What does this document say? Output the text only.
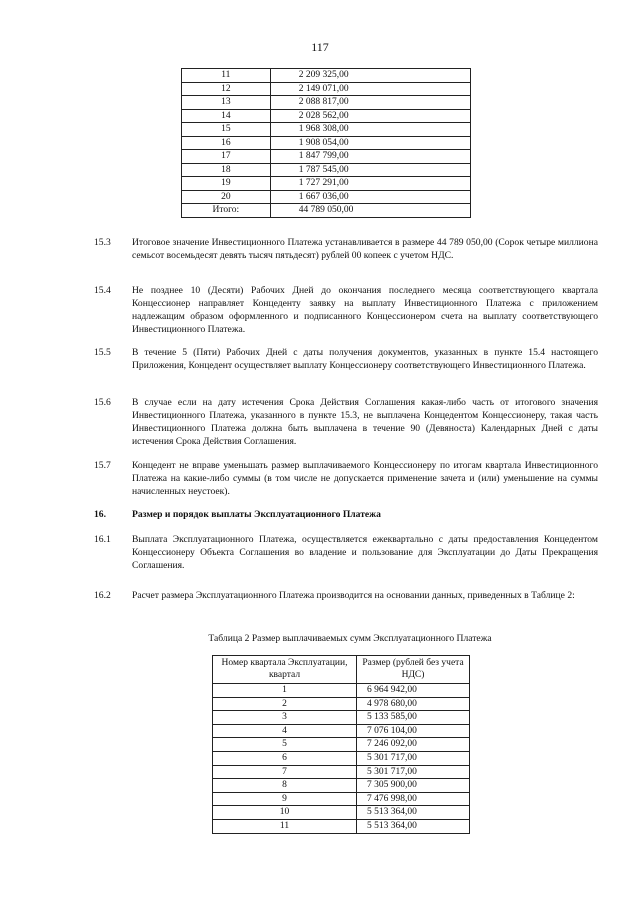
117
11	2 209 325,00
12	2 149 071,00
13	2 088 817,00
14	2 028 562,00
15	1 968 308,00
16	1 908 054,00
17	1 847 799,00
18	1 787 545,00
19	1 727 291,00
20	1 667 036,00
Итого:	44 789 050,00
15.3 Итоговое значение Инвестиционного Платежа устанавливается в размере 44 789 050,00 (Сорок четыре миллиона семьсот восемьдесят девять тысяч пятьдесят) рублей 00 копеек с учетом НДС.
15.4 Не позднее 10 (Десяти) Рабочих Дней до окончания последнего месяца соответствующего квартала Концессионер направляет Концеденту заявку на выплату Инвестиционного Платежа с приложением надлежащим образом оформленного и подписанного Концессионером счета на выплату соответствующего Инвестиционного Платежа.
15.5 В течение 5 (Пяти) Рабочих Дней с даты получения документов, указанных в пункте 15.4 настоящего Приложения, Концедент осуществляет выплату Концессионеру соответствующего Инвестиционного Платежа.
15.6 В случае если на дату истечения Срока Действия Соглашения какая-либо часть от итогового значения Инвестиционного Платежа, указанного в пункте 15.3, не выплачена Концедентом Концессионеру, такая часть Инвестиционного Платежа должна быть выплачена в течение 90 (Девяноста) Календарных Дней с даты истечения Срока Действия Соглашения.
15.7 Концедент не вправе уменьшать размер выплачиваемого Концессионеру по итогам квартала Инвестиционного Платежа на какие-либо суммы (в том числе не допускается применение зачета и (или) уменьшение на суммы начисленных неустоек).
16.	Размер и порядок выплаты Эксплуатационного Платежа
16.1 Выплата Эксплуатационного Платежа, осуществляется ежеквартально с даты предоставления Концедентом Концессионеру Объекта Соглашения во владение и пользование для Эксплуатации до Даты Прекращения Соглашения.
16.2 Расчет размера Эксплуатационного Платежа производится на основании данных, приведенных в Таблице 2:
Таблица 2 Размер выплачиваемых сумм Эксплуатационного Платежа
Номер квартала Эксплуатации, квартал	Размер (рублей без учета НДС)
1	6 964 942,00
2	4 978 680,00
3	5 133 585,00
4	7 076 104,00
5	7 246 092,00
6	5 301 717,00
7	5 301 717,00
8	7 305 900,00
9	7 476 998,00
10	5 513 364,00
11	5 513 364,00
